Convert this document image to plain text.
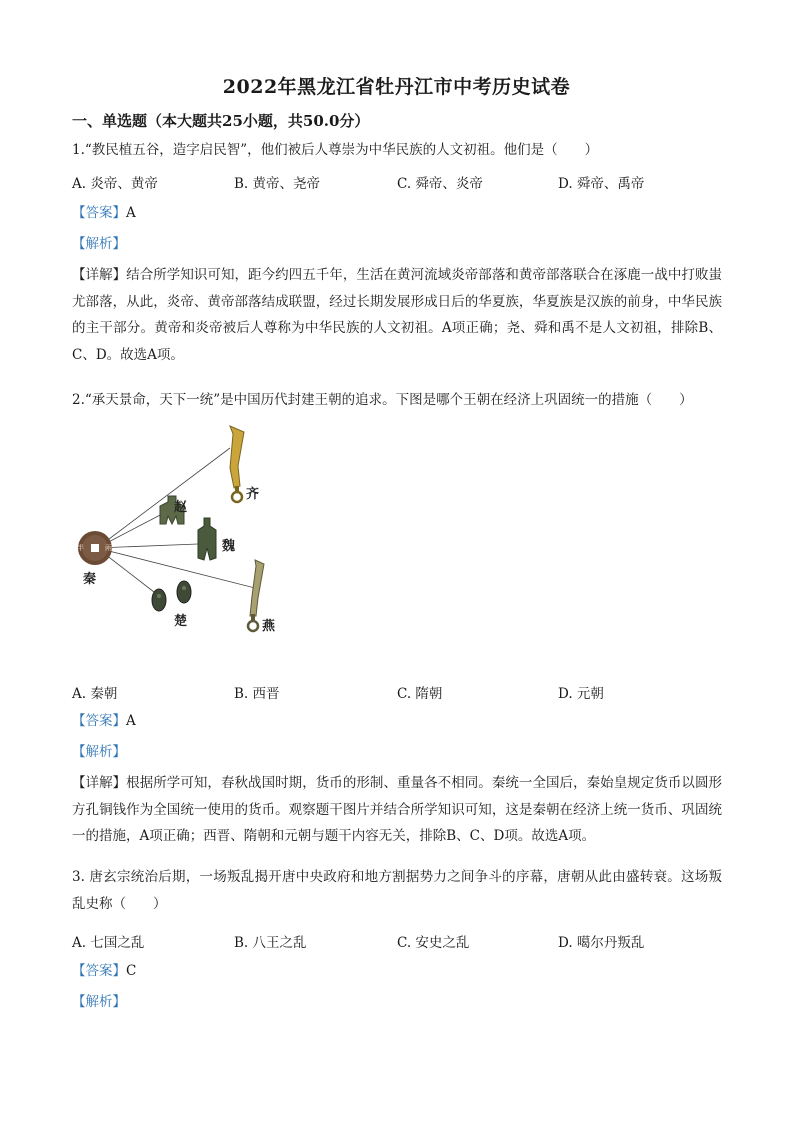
2022年黑龙江省牡丹江市中考历史试卷
一、单选题（本大题共25小题，共50.0分）
1.“教民植五谷，造字启民智”，他们被后人尊崇为中华民族的人文初祖。他们是（　　）
A. 炎帝、黄帝	B. 黄帝、尧帝	C. 舜帝、炎帝	D. 舜帝、禹帝
【答案】A
【解析】
【详解】结合所学知识可知，距今约四五千年，生活在黄河流域炎帝部落和黄帝部落联合在涿鹿一战中打败蚩尤部落，从此，炎帝、黄帝部落结成联盟，经过长期发展形成日后的华夏族，华夏族是汉族的前身，中华民族的主干部分。黄帝和炎帝被后人尊称为中华民族的人文初祖。A项正确；尧、舜和禹不是人文初祖，排除B、C、D。故选A项。
2.“承天景命，天下一统”是中国历代封建王朝的追求。下图是哪个王朝在经济上巩固统一的措施（　　）
半	兩
秦
齐
赵
魏
楚	燕
A. 秦朝	B. 西晋	C. 隋朝	D. 元朝
【答案】A
【解析】
【详解】根据所学可知，春秋战国时期，货币的形制、重量各不相同。秦统一全国后，秦始皇规定货币以圆形方孔铜钱作为全国统一使用的货币。观察题干图片并结合所学知识可知，这是秦朝在经济上统一货币、巩固统一的措施，A项正确；西晋、隋朝和元朝与题干内容无关，排除B、C、D项。故选A项。
3. 唐玄宗统治后期，一场叛乱揭开唐中央政府和地方割据势力之间争斗的序幕，唐朝从此由盛转衰。这场叛乱史称（　　）
A. 七国之乱	B. 八王之乱	C. 安史之乱	D. 噶尔丹叛乱
【答案】C
【解析】
